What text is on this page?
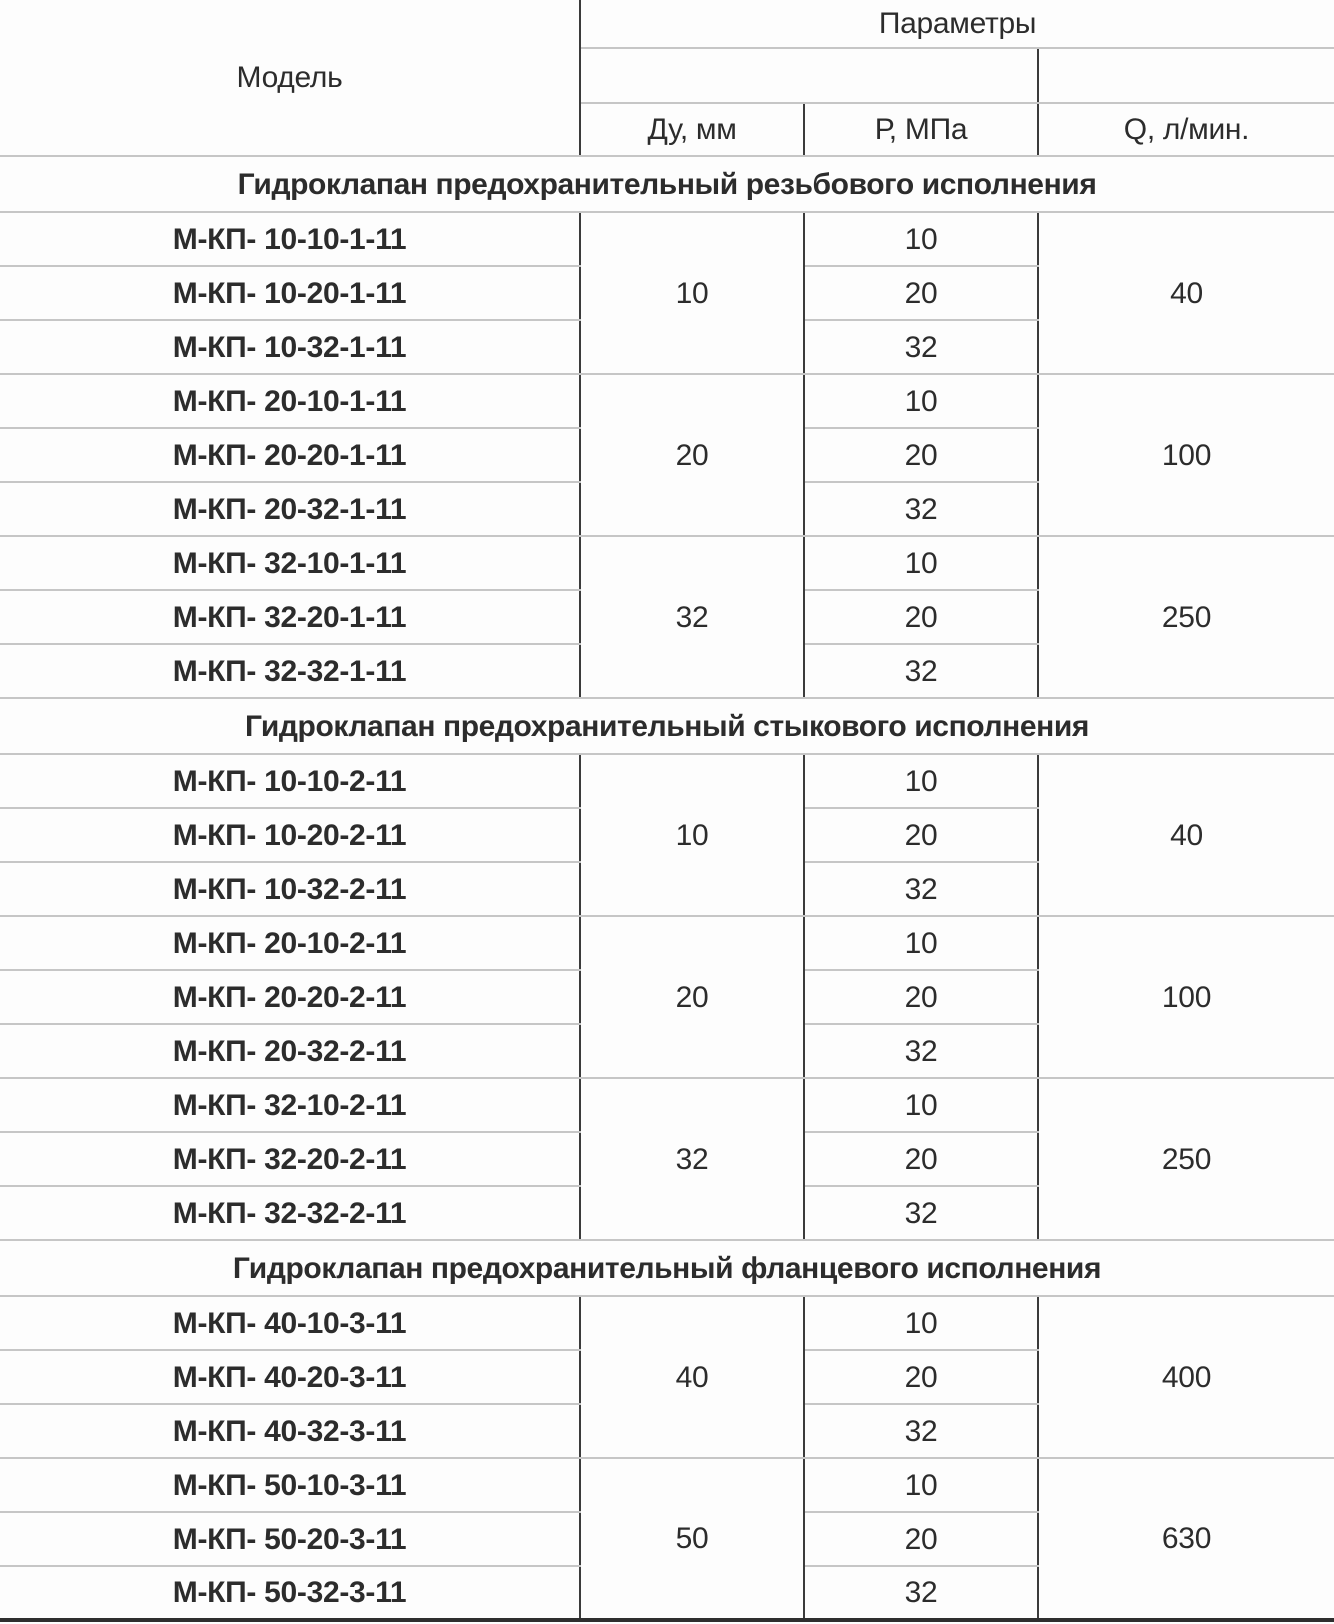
Модель	Параметры		

	Ду, мм	Р, МПа	Q, л/мин.
Гидроклапан предохранительный резьбового исполнения			
М-КП- 10-10-1-11	10	10	40
М-КП- 10-20-1-11		20	
М-КП- 10-32-1-11		32	
М-КП- 20-10-1-11	20	10	100
М-КП- 20-20-1-11		20	
М-КП- 20-32-1-11		32	
М-КП- 32-10-1-11	32	10	250
М-КП- 32-20-1-11		20	
М-КП- 32-32-1-11		32	
Гидроклапан предохранительный стыкового исполнения			
М-КП- 10-10-2-11	10	10	40
М-КП- 10-20-2-11		20	
М-КП- 10-32-2-11		32	
М-КП- 20-10-2-11	20	10	100
М-КП- 20-20-2-11		20	
М-КП- 20-32-2-11		32	
М-КП- 32-10-2-11	32	10	250
М-КП- 32-20-2-11		20	
М-КП- 32-32-2-11		32	
Гидроклапан предохранительный фланцевого исполнения			
М-КП- 40-10-3-11	40	10	400
М-КП- 40-20-3-11		20	
М-КП- 40-32-3-11		32	
М-КП- 50-10-3-11	50	10	630
М-КП- 50-20-3-11		20	
М-КП- 50-32-3-11		32	
